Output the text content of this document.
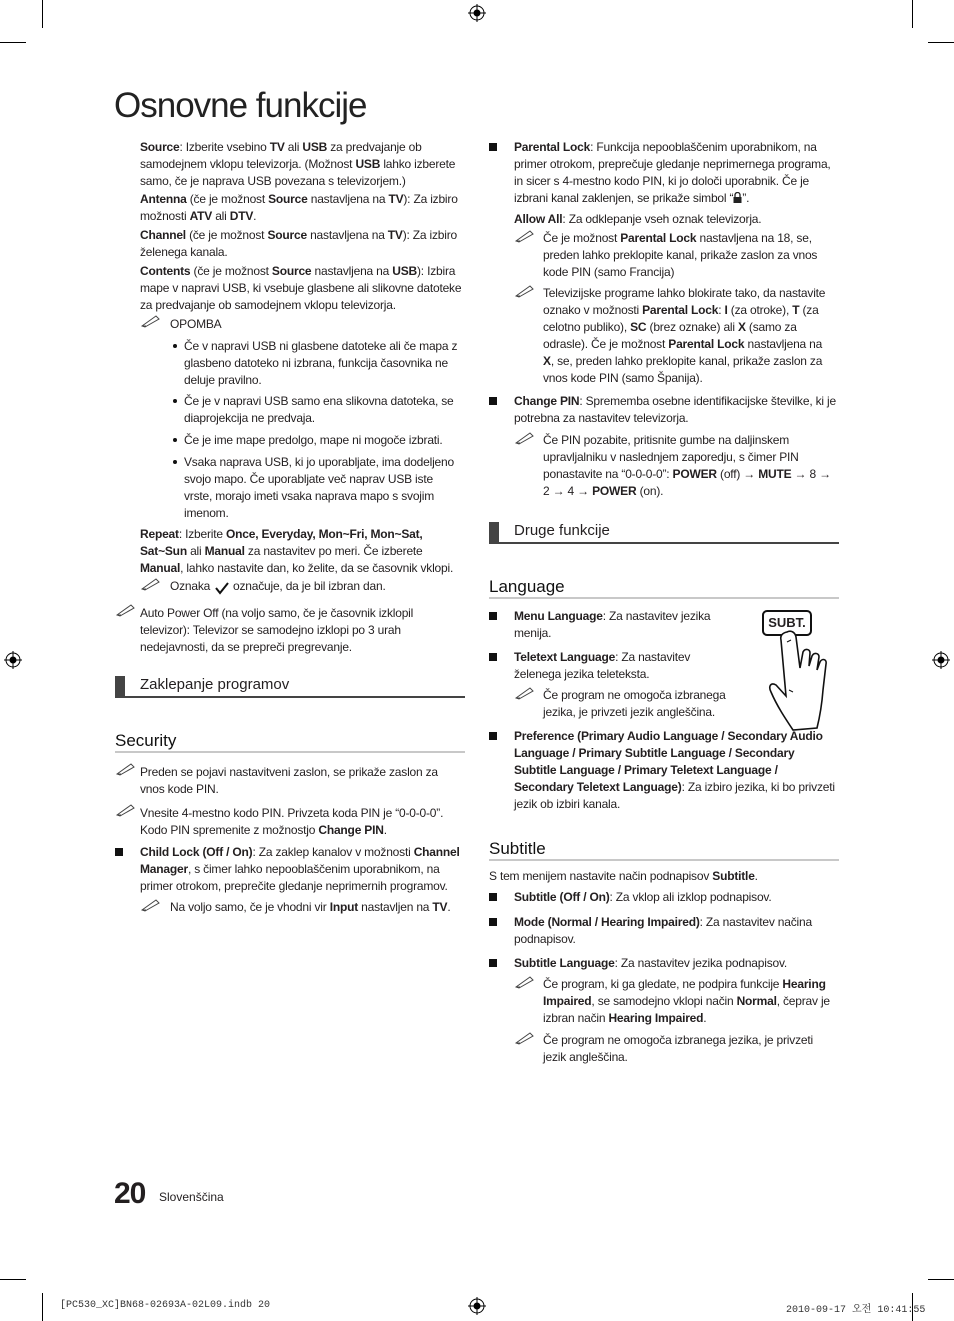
Osnovne funkcije
Source: Izberite vsebino TV ali USB za predvajanje ob samodejnem vklopu televizorja. (Možnost USB lahko izberete samo, če je naprava USB povezana s televizorjem.)
Antenna (če je možnost Source nastavljena na TV): Za izbiro možnosti ATV ali DTV.
Channel (če je možnost Source nastavljena na TV): Za izbiro želenega kanala.
Contents (če je možnost Source nastavljena na USB): Izbira mape v napravi USB, ki vsebuje glasbene ali slikovne datoteke za predvajanje ob samodejnem vklopu televizorja.
OPOMBA
Če v napravi USB ni glasbene datoteke ali če mapa z glasbeno datoteko ni izbrana, funkcija časovnika ne deluje pravilno.
Če je v napravi USB samo ena slikovna datoteka, se diaprojekcija ne predvaja.
Če je ime mape predolgo, mape ni mogoče izbrati.
Vsaka naprava USB, ki jo uporabljate, ima dodeljeno svojo mapo. Če uporabljate več naprav USB iste vrste, morajo imeti vsaka naprava mapo s svojim imenom.
Repeat: Izberite Once, Everyday, Mon~Fri, Mon~Sat, Sat~Sun ali Manual za nastavitev po meri. Če izberete Manual, lahko nastavite dan, ko želite, da se časovnik vklopi.
Oznaka označuje, da je bil izbran dan.
Auto Power Off (na voljo samo, če je časovnik izklopil televizor): Televizor se samodejno izklopi po 3 urah nedejavnosti, da se prepreči pregrevanje.
Zaklepanje programov
Security
Preden se pojavi nastavitveni zaslon, se prikaže zaslon za vnos kode PIN.
Vnesite 4-mestno kodo PIN. Privzeta koda PIN je “0-0-0-0”. Kodo PIN spremenite z možnostjo Change PIN.
Child Lock (Off / On): Za zaklep kanalov v možnosti Channel Manager, s čimer lahko nepooblaščenim uporabnikom, na primer otrokom, preprečite gledanje neprimernih programov.
Na voljo samo, če je vhodni vir Input nastavljen na TV.
Parental Lock: Funkcija nepooblaščenim uporabnikom, na primer otrokom, preprečuje gledanje neprimernega programa, in sicer s 4-mestno kodo PIN, ki jo določi uporabnik. Če je izbrani kanal zaklenjen, se prikaže simbol “ ”.
Allow All: Za odklepanje vseh oznak televizorja.
Če je možnost Parental Lock nastavljena na 18, se, preden lahko preklopite kanal, prikaže zaslon za vnos kode PIN (samo Francija)
Televizijske programe lahko blokirate tako, da nastavite oznako v možnosti Parental Lock: I (za otroke), T (za celotno publiko), SC (brez oznake) ali X (samo za odrasle). Če je možnost Parental Lock nastavljena na X, se, preden lahko preklopite kanal, prikaže zaslon za vnos kode PIN (samo Španija).
Change PIN: Sprememba osebne identifikacijske številke, ki je potrebna za nastavitev televizorja.
Če PIN pozabite, pritisnite gumbe na daljinskem upravljalniku v naslednjem zaporedju, s čimer PIN ponastavite na “0-0-0-0”: POWER (off) → MUTE → 8 → 2 → 4 → POWER (on).
Druge funkcije
Language
Menu Language: Za nastavitev jezika menija.
Teletext Language: Za nastavitev želenega jezika teleteksta.
Če program ne omogoča izbranega jezika, je privzeti jezik angleščina.
SUBT.
Preference (Primary Audio Language / Secondary Audio Language / Primary Subtitle Language / Secondary Subtitle Language / Primary Teletext Language / Secondary Teletext Language): Za izbiro jezika, ki bo privzeti jezik ob izbiri kanala.
Subtitle
S tem menijem nastavite način podnapisov Subtitle.
Subtitle (Off / On): Za vklop ali izklop podnapisov.
Mode (Normal / Hearing Impaired): Za nastavitev načina podnapisov.
Subtitle Language: Za nastavitev jezika podnapisov.
Če program, ki ga gledate, ne podpira funkcije Hearing Impaired, se samodejno vklopi način Normal, čeprav je izbran način Hearing Impaired.
Če program ne omogoča izbranega jezika, je privzeti jezik angleščina.
20 Slovenščina
[PC530_XC]BN68-02693A-02L09.indb 20	2010-09-17 오전 10:41:55
